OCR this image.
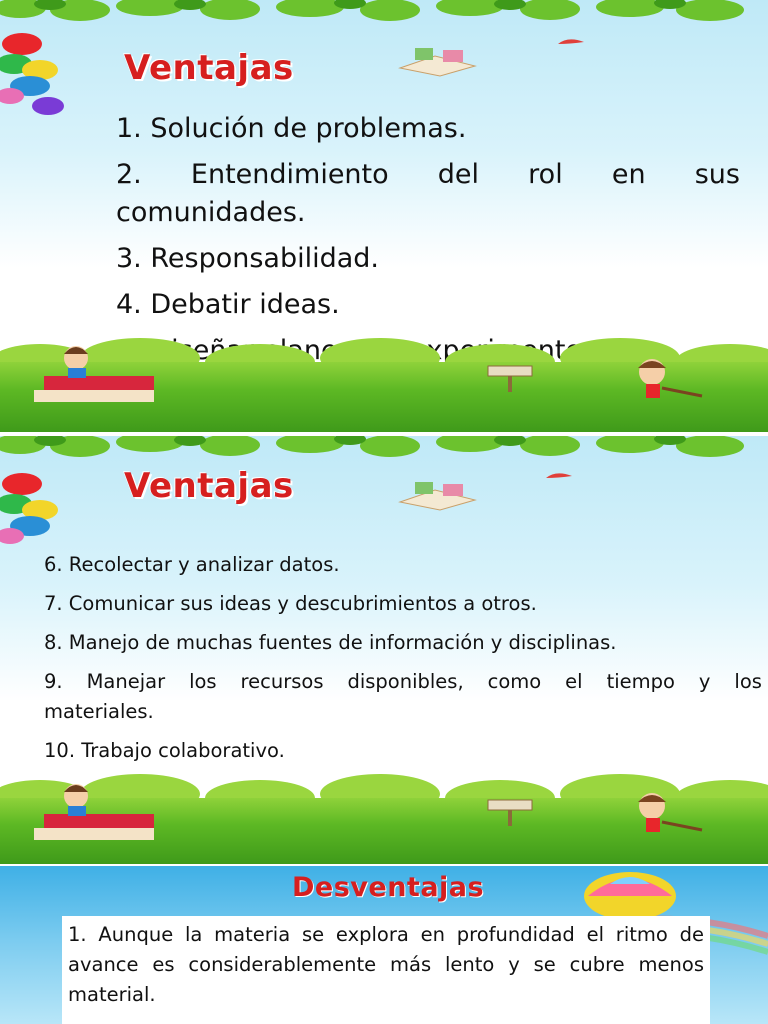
Ventajas
1. Solución de problemas.
2. Entendimiento del rol en sus
comunidades.
3. Responsabilidad.
4. Debatir ideas.
Diseñar planes
Ventajas
6. Recolectar y analizar datos.
7. Comunicar sus ideas y descubrimientos a otros.
8. Manejo de muchas fuentes de información y disciplinas.
9. Manejar los recursos disponibles, como el tiempo y los
materiales.
10. Trabajo colaborativo.
Desventajas

1. Aunque la materia se explora en profundidad el ritmo de avance es considerablemente más lento y se cubre menos material.
